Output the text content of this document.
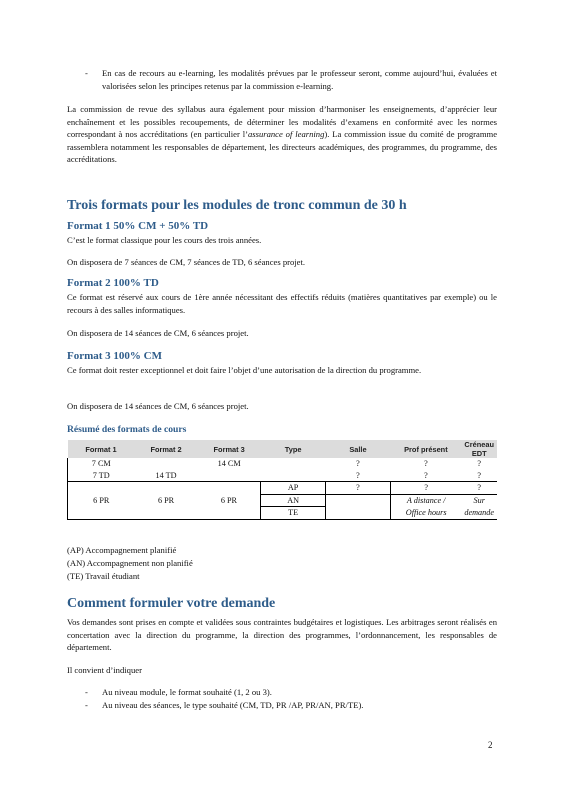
- En cas de recours au e-learning, les modalités prévues par le professeur seront, comme aujourd’hui, évaluées et valorisées selon les principes retenus par la commission e-learning.

La commission de revue des syllabus aura également pour mission d’harmoniser les enseignements, d’apprécier leur enchaînement et les possibles recoupements, de déterminer les modalités d’examens en conformité avec les normes correspondant à nos accréditations (en particulier l’assurance of learning). La commission issue du comité de programme rassemblera notamment les responsables de département, les directeurs académiques, des programmes, du programme, des accréditations.

Trois formats pour les modules de tronc commun de 30 h
Format 1 50% CM + 50% TD

C’est le format classique pour les cours des trois années.

On disposera de 7 séances de CM, 7 séances de TD, 6 séances projet.

Format 2 100% TD

Ce format est réservé aux cours de 1ère année nécessitant des effectifs réduits (matières quantitatives par exemple) ou le recours à des salles informatiques.

On disposera de 14 séances de CM, 6 séances projet.

Format 3 100% CM

Ce format doit rester exceptionnel et doit faire l’objet d’une autorisation de la direction du programme.

On disposera de 14 séances de CM, 6 séances projet.

Résumé des formats de cours
Format 1	Format 2	Format 3	Type	Salle	Prof présent	Créneau EDT
7 CM		14 CM		?	?	?
7 TD	14 TD			?	?	?
6 PR	6 PR	6 PR	AP	?	?	?
			AN		A distance /	Sur
			TE		Office hours	demande
(AP) Accompagnement planifié
(AN) Accompagnement non planifié
(TE) Travail étudiant
Comment formuler votre demande

Vos demandes sont prises en compte et validées sous contraintes budgétaires et logistiques. Les arbitrages seront réalisés en concertation avec la direction du programme, la direction des programmes, l’ordonnancement, les responsables de département.

Il convient d’indiquer

- Au niveau module, le format souhaité (1, 2 ou 3).
- Au niveau des séances, le type souhaité (CM, TD, PR /AP, PR/AN, PR/TE).
2
